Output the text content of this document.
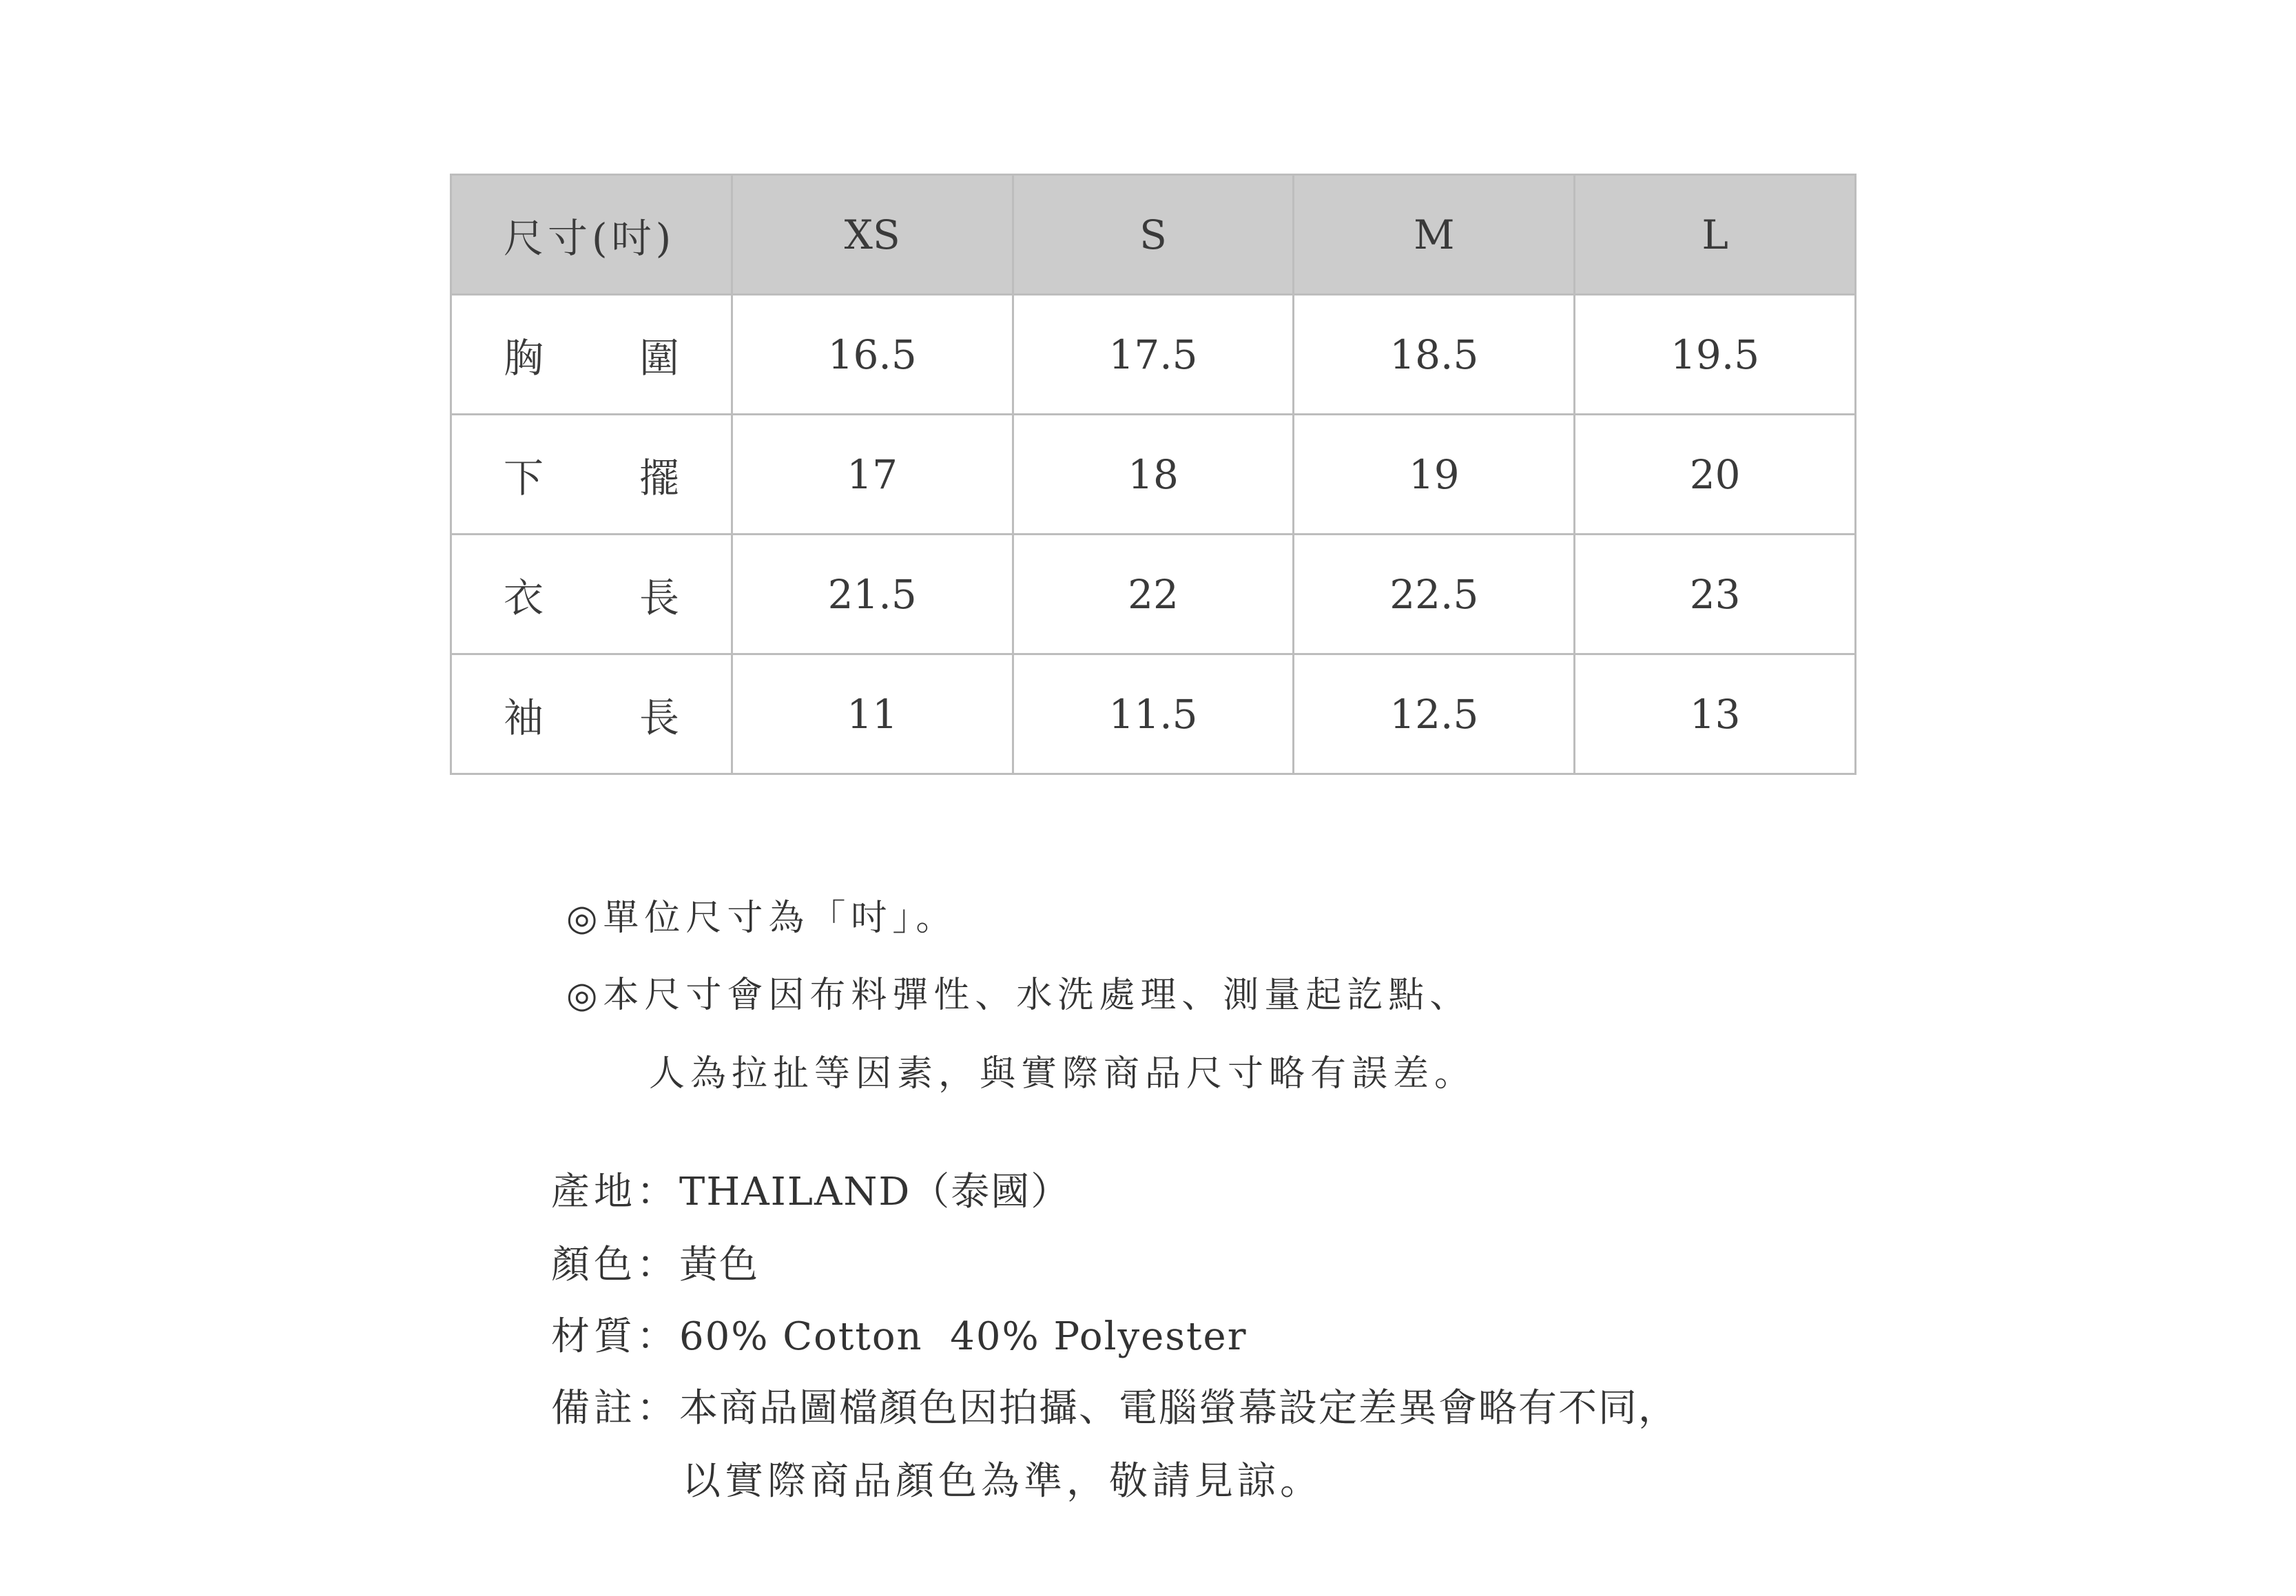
尺寸(吋)	XS	S	M	L

胸 圍	16.5	17.5	18.5	19.5

下 擺	17	18	19	20

衣 長	21.5	22	22.5	23

袖 長	11	11.5	12.5	13
◎單位尺寸為「吋」。
◎本尺寸會因布料彈性、水洗處理、測量起訖點、
人為拉扯等因素，與實際商品尺寸略有誤差。
產地：THAILAND（泰國）
顏色：黃色
材質：60% Cotton  40% Polyester
備註：本商品圖檔顏色因拍攝、電腦螢幕設定差異會略有不同，
以實際商品顏色為準，敬請見諒。
